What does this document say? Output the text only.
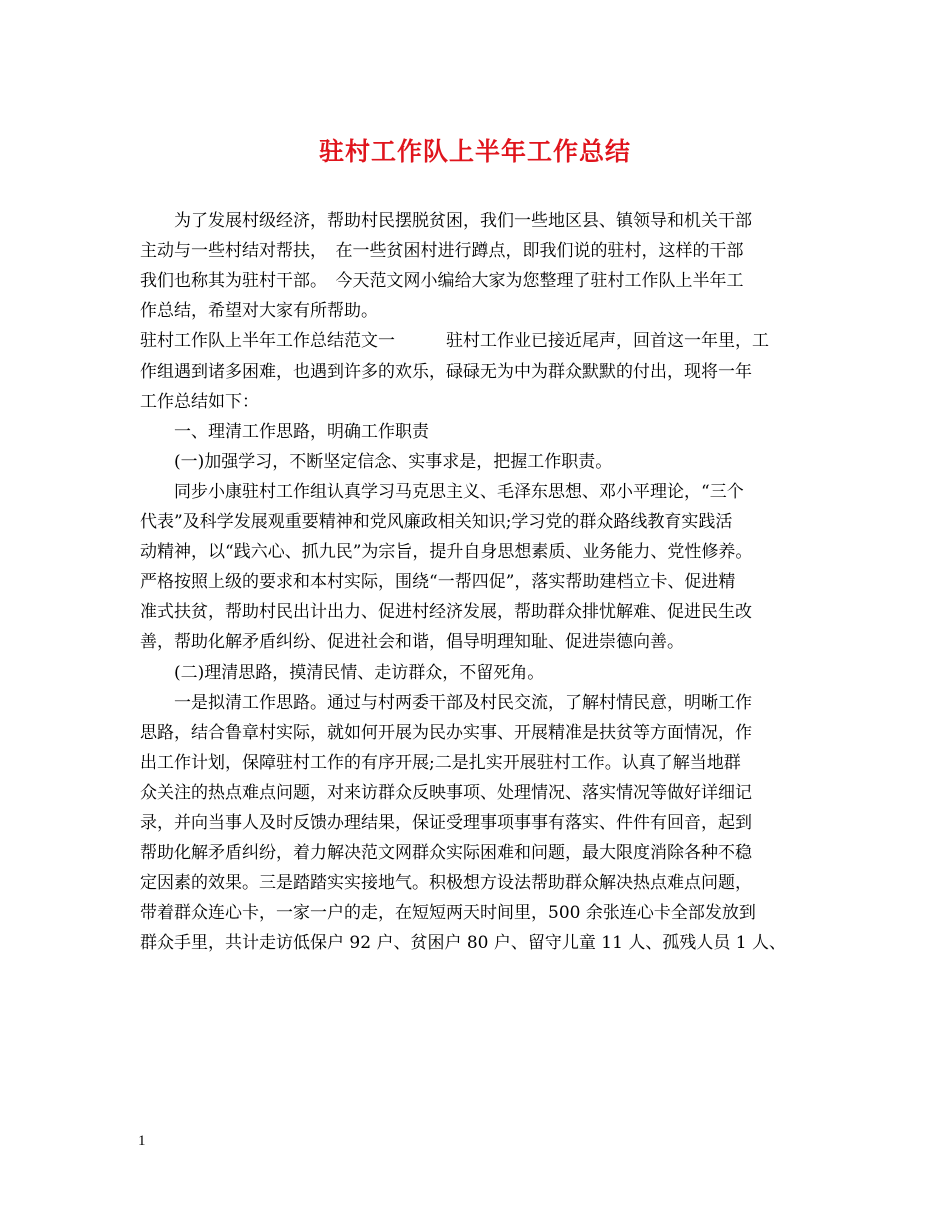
驻村工作队上半年工作总结
　　为了发展村级经济，帮助村民摆脱贫困，我们一些地区县、镇领导和机关干部
主动与一些村结对帮扶，　在一些贫困村进行蹲点，即我们说的驻村，这样的干部
我们也称其为驻村干部。　今天范文网小编给大家为您整理了驻村工作队上半年工
作总结，希望对大家有所帮助。
驻村工作队上半年工作总结范文一　　　驻村工作业已接近尾声，回首这一年里，工
作组遇到诸多困难，也遇到许多的欢乐，碌碌无为中为群众默默的付出，现将一年
工作总结如下：
　　一、理清工作思路，明确工作职责
　　(一)加强学习，不断坚定信念、实事求是，把握工作职责。
　　同步小康驻村工作组认真学习马克思主义、毛泽东思想、邓小平理论，“三个
代表”及科学发展观重要精神和党风廉政相关知识;学习党的群众路线教育实践活
动精神，以“践六心、抓九民”为宗旨，提升自身思想素质、业务能力、党性修养。
严格按照上级的要求和本村实际，围绕“一帮四促”，落实帮助建档立卡、促进精
准式扶贫，帮助村民出计出力、促进村经济发展，帮助群众排忧解难、促进民生改
善，帮助化解矛盾纠纷、促进社会和谐，倡导明理知耻、促进崇德向善。
　　(二)理清思路，摸清民情、走访群众，不留死角。
　　一是拟清工作思路。通过与村两委干部及村民交流，了解村情民意，明晰工作
思路，结合鲁章村实际，就如何开展为民办实事、开展精准是扶贫等方面情况，作
出工作计划，保障驻村工作的有序开展;二是扎实开展驻村工作。认真了解当地群
众关注的热点难点问题，对来访群众反映事项、处理情况、落实情况等做好详细记
录，并向当事人及时反馈办理结果，保证受理事项事事有落实、件件有回音，起到
帮助化解矛盾纠纷，着力解决范文网群众实际困难和问题，最大限度消除各种不稳
定因素的效果。三是踏踏实实接地气。积极想方设法帮助群众解决热点难点问题，
带着群众连心卡，一家一户的走，在短短两天时间里，500 余张连心卡全部发放到
群众手里，共计走访低保户 92 户、贫困户 80 户、留守儿童 11 人、孤残人员 1 人、
1
